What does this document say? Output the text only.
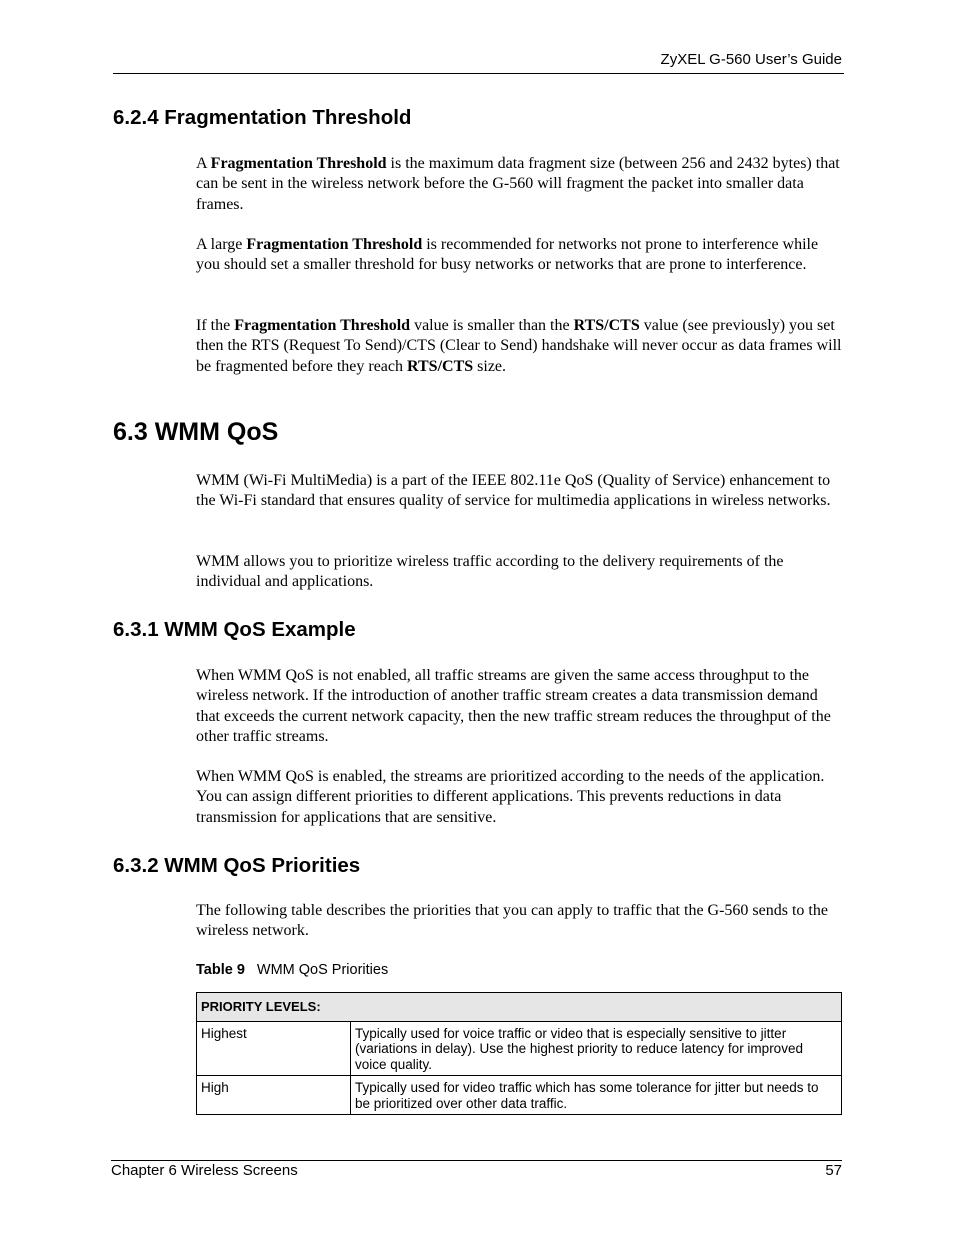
ZyXEL G-560 User’s Guide
6.2.4 Fragmentation Threshold

A Fragmentation Threshold is the maximum data fragment size (between 256 and 2432 bytes) that can be sent in the wireless network before the G-560 will fragment the packet into smaller data frames.

A large Fragmentation Threshold is recommended for networks not prone to interference while you should set a smaller threshold for busy networks or networks that are prone to interference.

If the Fragmentation Threshold value is smaller than the RTS/CTS value (see previously) you set then the RTS (Request To Send)/CTS (Clear to Send) handshake will never occur as data frames will be fragmented before they reach RTS/CTS size.

6.3 WMM QoS

WMM (Wi-Fi MultiMedia) is a part of the IEEE 802.11e QoS (Quality of Service) enhancement to the Wi-Fi standard that ensures quality of service for multimedia applications in wireless networks.

WMM allows you to prioritize wireless traffic according to the delivery requirements of the individual and applications.

6.3.1 WMM QoS Example

When WMM QoS is not enabled, all traffic streams are given the same access throughput to the wireless network. If the introduction of another traffic stream creates a data transmission demand that exceeds the current network capacity, then the new traffic stream reduces the throughput of the other traffic streams.

When WMM QoS is enabled, the streams are prioritized according to the needs of the application. You can assign different priorities to different applications. This prevents reductions in data transmission for applications that are sensitive.

6.3.2 WMM QoS Priorities

The following table describes the priorities that you can apply to traffic that the G-560 sends to the wireless network.

Table 9 WMM QoS Priorities
PRIORITY LEVELS:	
Highest	Typically used for voice traffic or video that is especially sensitive to jitter (variations in delay). Use the highest priority to reduce latency for improved voice quality.
High	Typically used for video traffic which has some tolerance for jitter but needs to be prioritized over other data traffic.
Chapter 6 Wireless Screens	57
